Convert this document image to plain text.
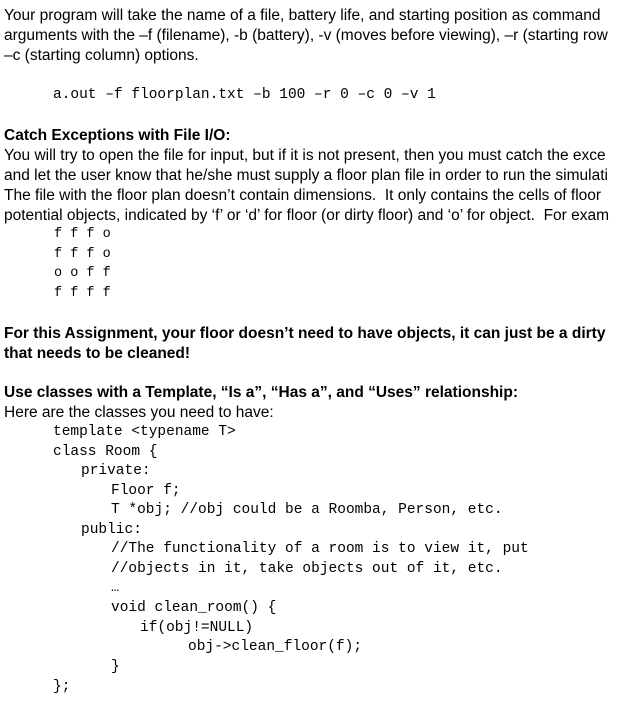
Your program will take the name of a file, battery life, and starting position as command
arguments with the –f (filename), -b (battery), -v (moves before viewing), –r (starting row
–c (starting column) options.
a.out –f floorplan.txt –b 100 –r 0 –c 0 –v 1
Catch Exceptions with File I/O:
You will try to open the file for input, but if it is not present, then you must catch the exce
and let the user know that he/she must supply a floor plan file in order to run the simulati
The file with the floor plan doesn’t contain dimensions.  It only contains the cells of floor
potential objects, indicated by ‘f’ or ‘d’ for floor (or dirty floor) and ‘o’ for object.  For exam
f f f o
f f f o
o o f f
f f f f
For this Assignment, your floor doesn’t need to have objects, it can just be a dirty
that needs to be cleaned!
Use classes with a Template, “Is a”, “Has a”, and “Uses” relationship:
Here are the classes you need to have:
template <typename T>
class Room {
private:
Floor f;
T *obj; //obj could be a Roomba, Person, etc.
public:
//The functionality of a room is to view it, put
//objects in it, take objects out of it, etc.
…
void clean_room() {
if(obj!=NULL)
obj->clean_floor(f);
}
};
